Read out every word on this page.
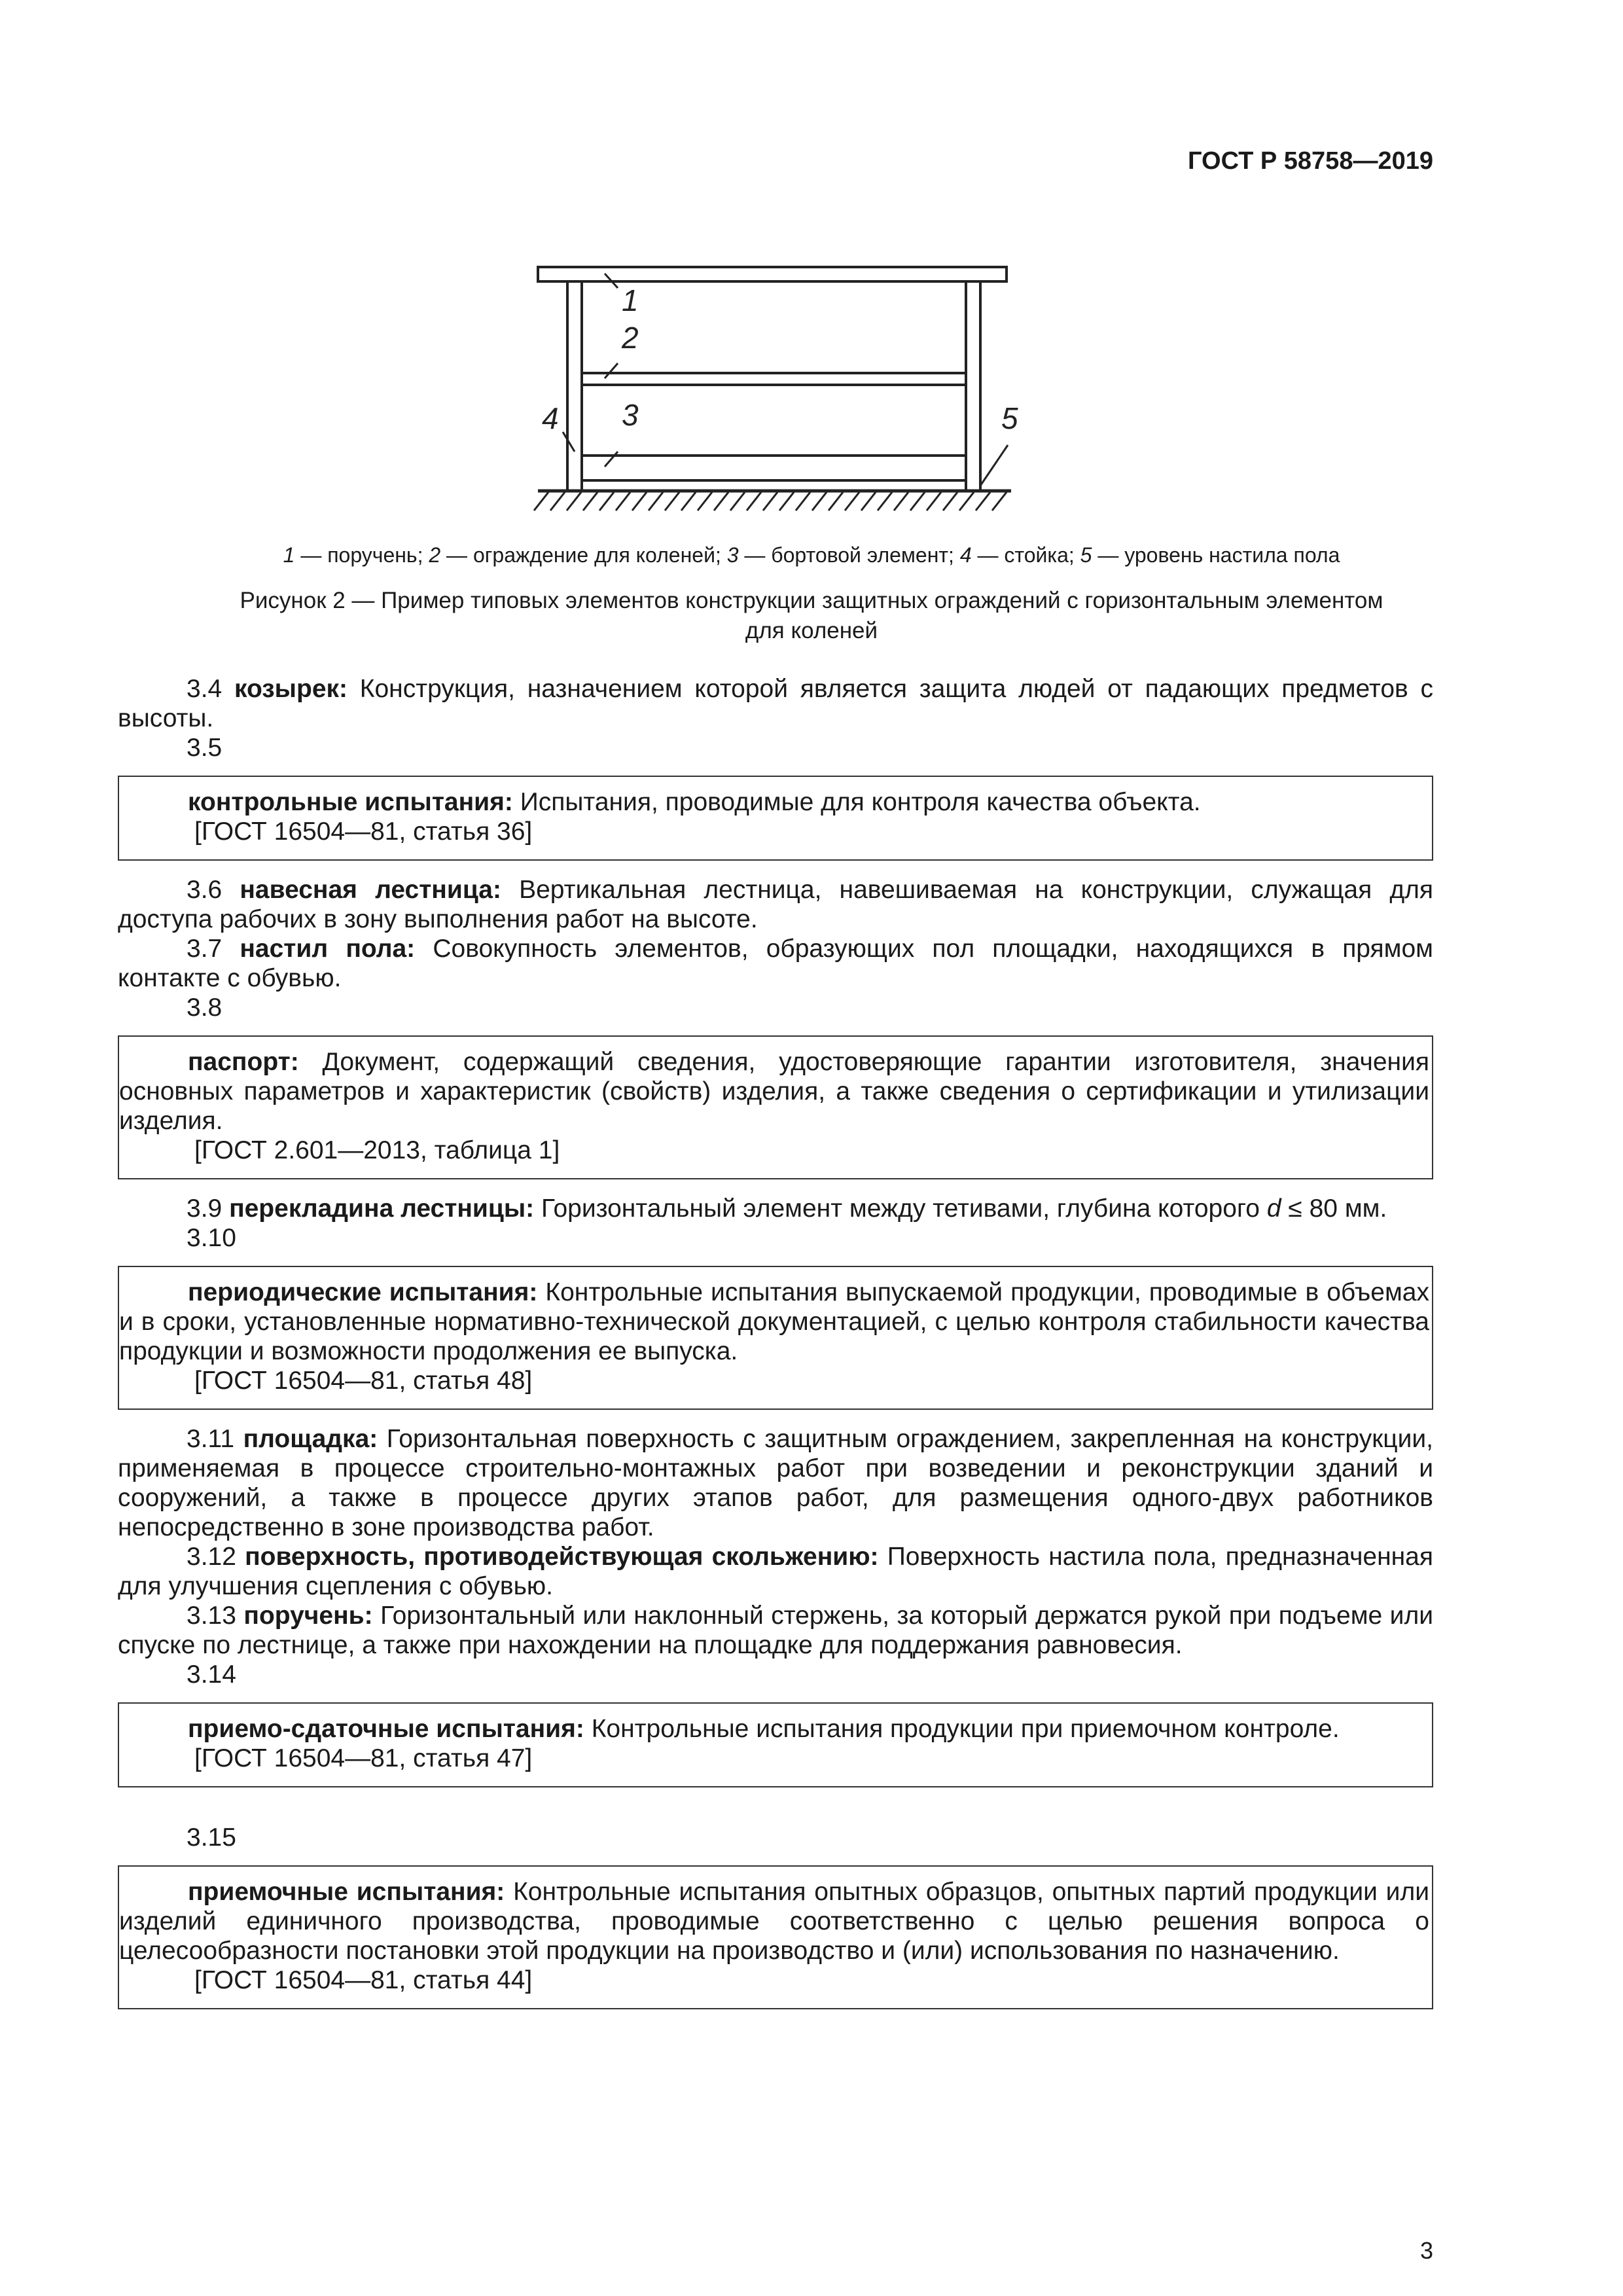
ГОСТ Р 58758—2019
1
2
3
4	5
1 — поручень; 2 — ограждение для коленей; 3 — бортовой элемент; 4 — стойка; 5 — уровень настила пола
Рисунок 2 — Пример типовых элементов конструкции защитных ограждений с горизонтальным элементом
для коленей

3.4 козырек: Конструкция, назначением которой является защита людей от падающих предметов с высоты.

3.5

контрольные испытания: Испытания, проводимые для контроля качества объекта.

[ГОСТ 16504—81, статья 36]

3.6 навесная лестница: Вертикальная лестница, навешиваемая на конструкции, служащая для доступа рабочих в зону выполнения работ на высоте.

3.7 настил пола: Совокупность элементов, образующих пол площадки, находящихся в прямом контакте с обувью.

3.8

паспорт: Документ, содержащий сведения, удостоверяющие гарантии изготовителя, значения основных параметров и характеристик (свойств) изделия, а также сведения о сертификации и утилизации изделия.

[ГОСТ 2.601—2013, таблица 1]

3.9 перекладина лестницы: Горизонтальный элемент между тетивами, глубина которого d ≤ 80 мм.

3.10

периодические испытания: Контрольные испытания выпускаемой продукции, проводимые в объемах и в сроки, установленные нормативно-технической документацией, с целью контроля стабильности качества продукции и возможности продолжения ее выпуска.

[ГОСТ 16504—81, статья 48]

3.11 площадка: Горизонтальная поверхность с защитным ограждением, закрепленная на конструкции, применяемая в процессе строительно-монтажных работ при возведении и реконструкции зданий и сооружений, а также в процессе других этапов работ, для размещения одного-двух работников непосредственно в зоне производства работ.

3.12 поверхность, противодействующая скольжению: Поверхность настила пола, предназначенная для улучшения сцепления с обувью.

3.13 поручень: Горизонтальный или наклонный стержень, за который держатся рукой при подъеме или спуске по лестнице, а также при нахождении на площадке для поддержания равновесия.

3.14

приемо-сдаточные испытания: Контрольные испытания продукции при приемочном контроле.

[ГОСТ 16504—81, статья 47]

3.15

приемочные испытания: Контрольные испытания опытных образцов, опытных партий продукции или изделий единичного производства, проводимые соответственно с целью решения вопроса о целесообразности постановки этой продукции на производство и (или) использования по назначению.

[ГОСТ 16504—81, статья 44]

3
